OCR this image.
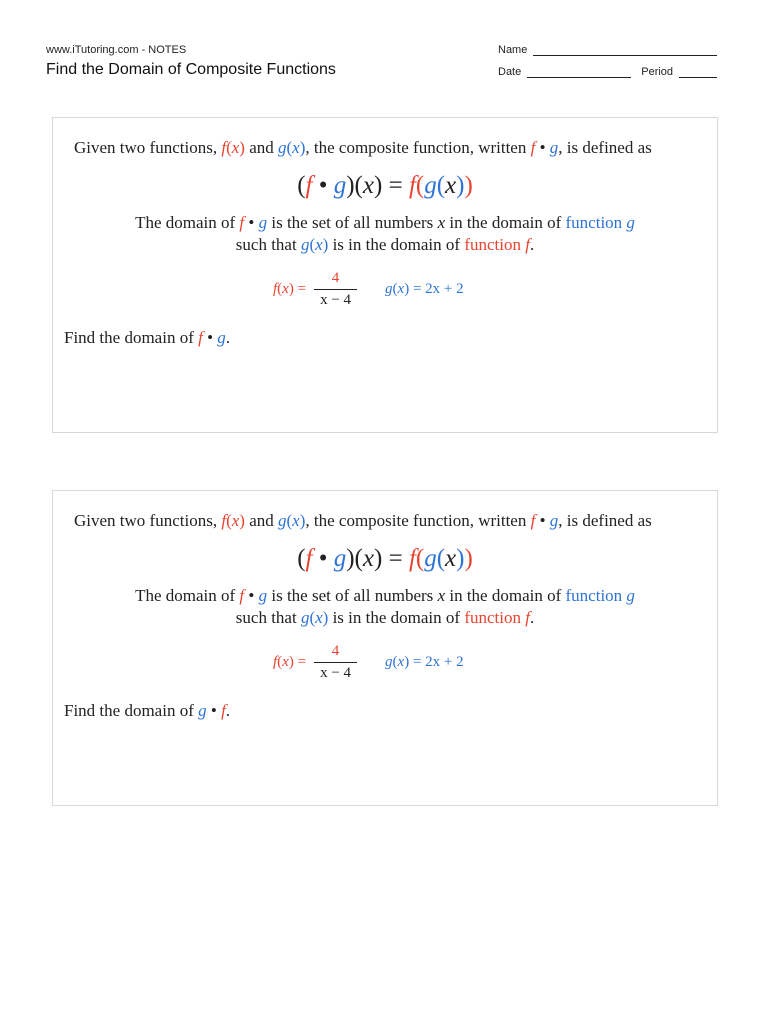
www.iTutoring.com - NOTES
Find the Domain of Composite Functions
Name
Date	Period
Given two functions, f(x) and g(x), the composite function, written f • g, is defined as
(f • g)(x) = f(g(x))
The domain of f • g is the set of all numbers x in the domain of function g
such that g(x) is in the domain of function f.
$f(x) = \frac{4}{x - 4} g(x) = 2x + 2$
Find the domain of f • g.
Given two functions, f(x) and g(x), the composite function, written f • g, is defined as
(f • g)(x) = f(g(x))
The domain of f • g is the set of all numbers x in the domain of function g
such that g(x) is in the domain of function f.
$f(x) = \frac{4}{x - 4} g(x) = 2x + 2$
Find the domain of g • f.
